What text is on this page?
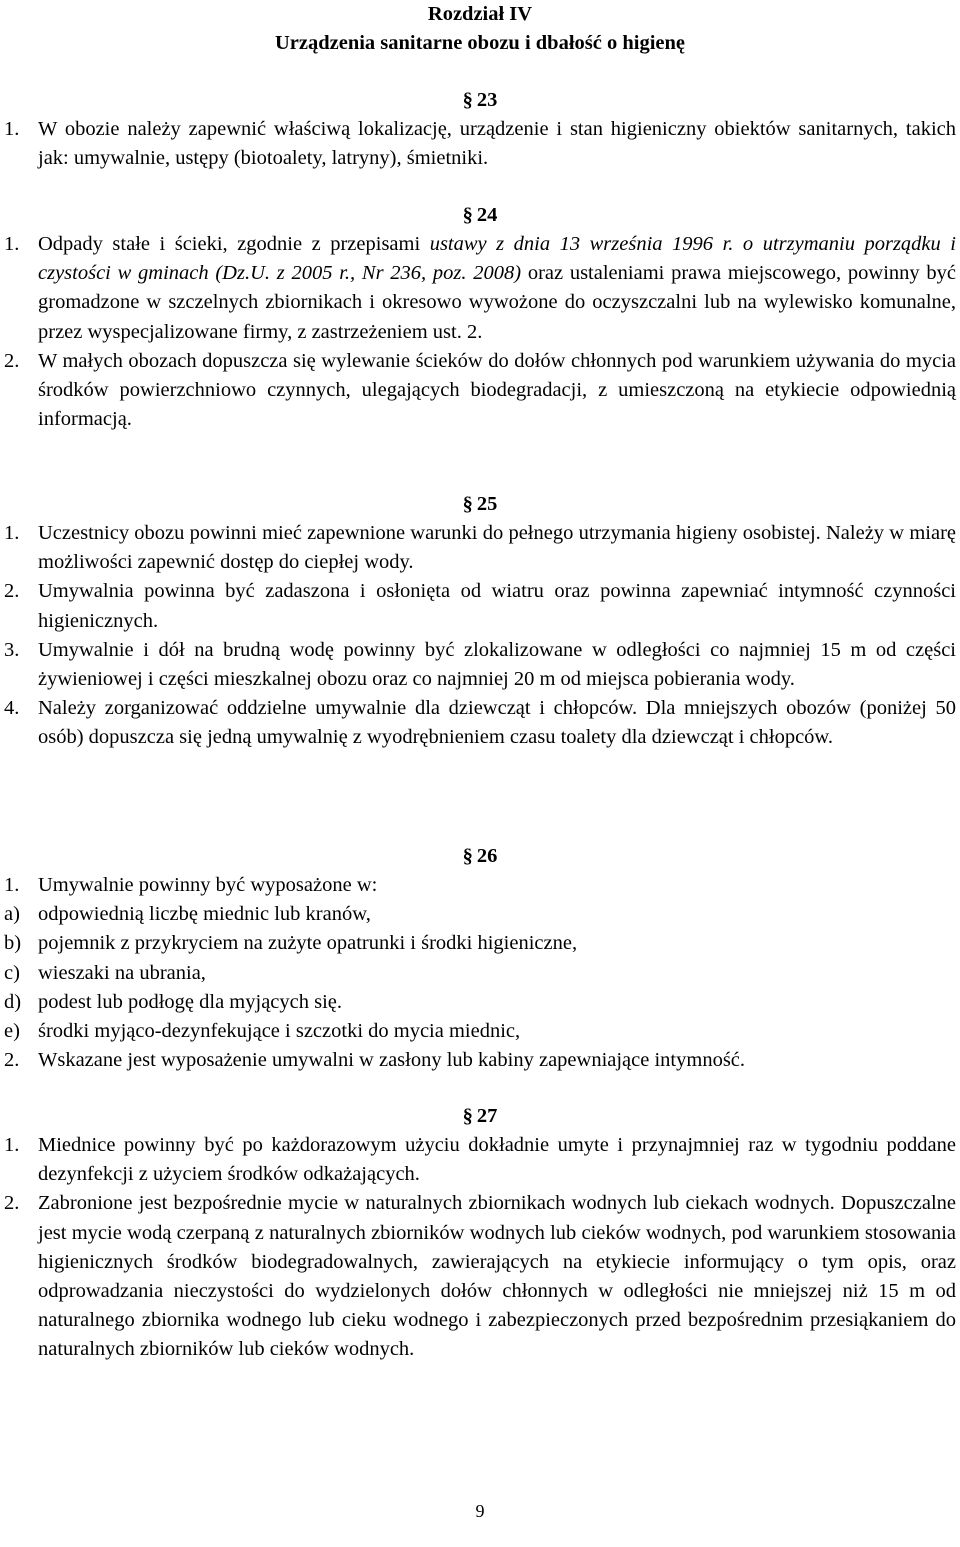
Rozdział IV
Urządzenia sanitarne obozu i dbałość o higienę
§ 23
1. W obozie należy zapewnić właściwą lokalizację, urządzenie i stan higieniczny obiektów sanitarnych, takich jak: umywalnie, ustępy (biotoalety, latryny), śmietniki.
§ 24
1. Odpady stałe i ścieki, zgodnie z przepisami ustawy z dnia 13 września 1996 r. o utrzymaniu porządku i czystości w gminach (Dz.U. z 2005 r., Nr 236, poz. 2008) oraz ustaleniami prawa miejscowego, powinny być gromadzone w szczelnych zbiornikach i okresowo wywożone do oczyszczalni lub na wylewisko komunalne, przez wyspecjalizowane firmy, z zastrzeżeniem ust. 2.
2. W małych obozach dopuszcza się wylewanie ścieków do dołów chłonnych pod warunkiem używania do mycia środków powierzchniowo czynnych, ulegających biodegradacji, z umieszczoną na etykiecie odpowiednią informacją.
§ 25
1. Uczestnicy obozu powinni mieć zapewnione warunki do pełnego utrzymania higieny osobistej. Należy w miarę możliwości zapewnić dostęp do ciepłej wody.
2. Umywalnia powinna być zadaszona i osłonięta od wiatru oraz powinna zapewniać intymność czynności higienicznych.
3. Umywalnie i dół na brudną wodę powinny być zlokalizowane w odległości co najmniej 15 m od części żywieniowej i części mieszkalnej obozu oraz co najmniej 20 m od miejsca pobierania wody.
4. Należy zorganizować oddzielne umywalnie dla dziewcząt i chłopców. Dla mniejszych obozów (poniżej 50 osób) dopuszcza się jedną umywalnię z wyodrębnieniem czasu toalety dla dziewcząt i chłopców.
§ 26
1. Umywalnie powinny być wyposażone w:
a) odpowiednią liczbę miednic lub kranów,
b) pojemnik z przykryciem na zużyte opatrunki i środki higieniczne,
c) wieszaki na ubrania,
d) podest lub podłogę dla myjących się.
e) środki myjąco-dezynfekujące i szczotki do mycia miednic,
2. Wskazane jest wyposażenie umywalni w zasłony lub kabiny zapewniające intymność.
§ 27
1. Miednice powinny być po każdorazowym użyciu dokładnie umyte i przynajmniej raz w tygodniu poddane dezynfekcji z użyciem środków odkażających.
2. Zabronione jest bezpośrednie mycie w naturalnych zbiornikach wodnych lub ciekach wodnych. Dopuszczalne jest mycie wodą czerpaną z naturalnych zbiorników wodnych lub cieków wodnych, pod warunkiem stosowania higienicznych środków biodegradowalnych, zawierających na etykiecie informujący o tym opis, oraz odprowadzania nieczystości do wydzielonych dołów chłonnych w odległości nie mniejszej niż 15 m od naturalnego zbiornika wodnego lub cieku wodnego i zabezpieczonych przed bezpośrednim przesiąkaniem do naturalnych zbiorników lub cieków wodnych.
9
